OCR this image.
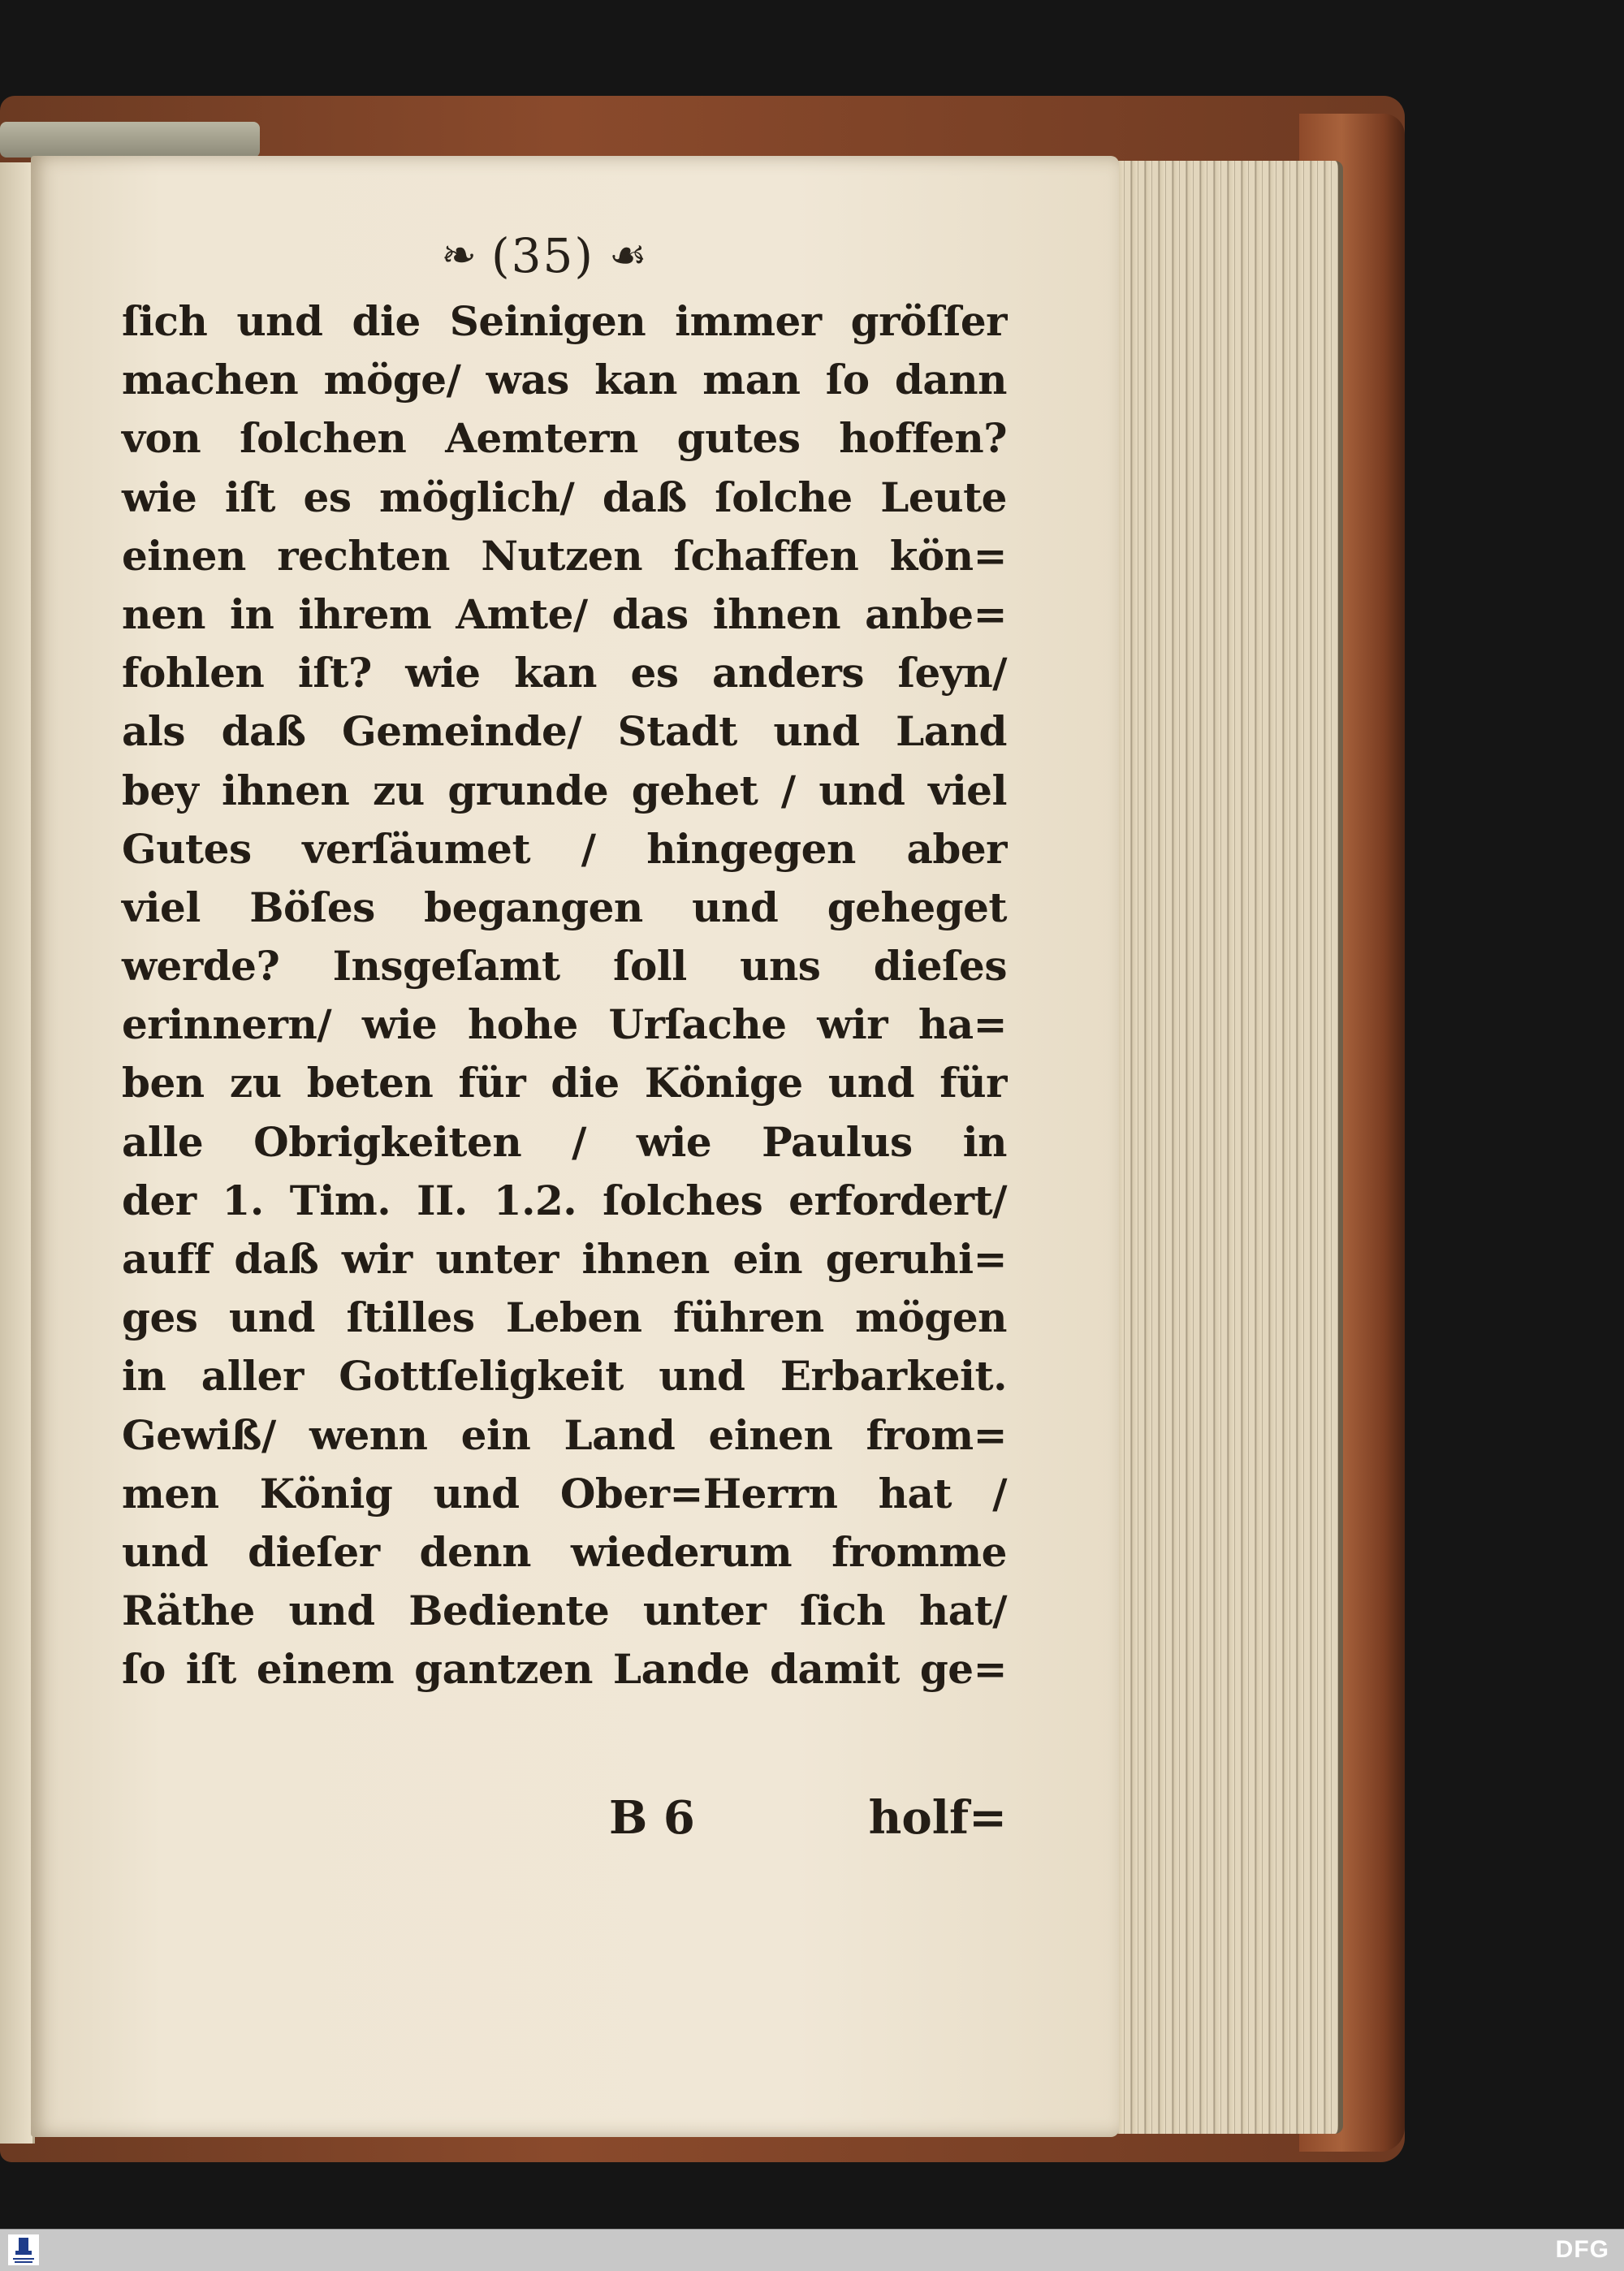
❧ (35) ☙
ſich und die Seinigen immer gröſſer
machen möge/ was kan man ſo dann
von ſolchen Aemtern gutes hoffen?
wie iſt es möglich/ daß ſolche Leute
einen rechten Nutzen ſchaffen kön=
nen in ihrem Amte/ das ihnen anbe=
fohlen iſt? wie kan es anders ſeyn/
als daß Gemeinde/ Stadt und Land
bey ihnen zu grunde gehet / und viel
Gutes verſäumet / hingegen aber
viel Böſes begangen und geheget
werde? Insgeſamt ſoll uns dieſes
erinnern/ wie hohe Urſache wir ha=
ben zu beten für die Könige und für
alle Obrigkeiten / wie Paulus in
der 1. Tim. II. 1.2. ſolches erfordert/
auff daß wir unter ihnen ein geruhi=
ges und ſtilles Leben führen mögen
in aller Gottſeligkeit und Erbarkeit.
Gewiß/ wenn ein Land einen from=
men König und Ober=Herrn hat /
und dieſer denn wiederum fromme
Räthe und Bediente unter ſich hat/
ſo iſt einem gantzen Lande damit ge=
B 6	holf=
DFG
